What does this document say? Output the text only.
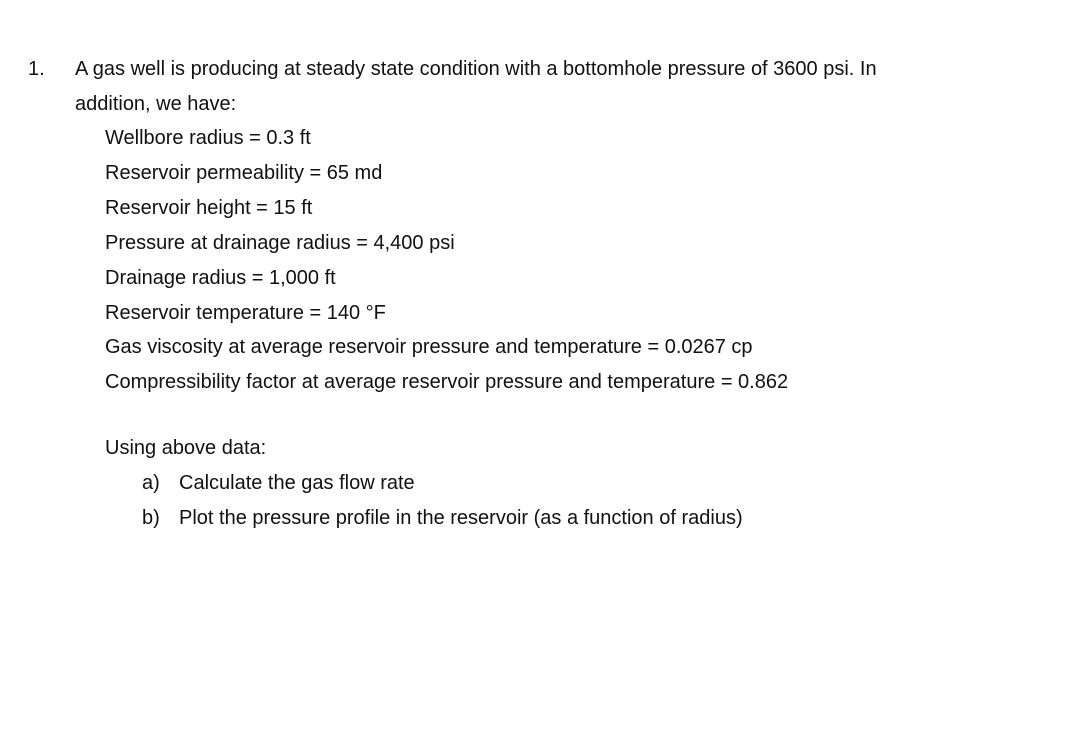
1. A gas well is producing at steady state condition with a bottomhole pressure of 3600 psi. In
addition, we have:
Wellbore radius = 0.3 ft
Reservoir permeability = 65 md
Reservoir height = 15 ft
Pressure at drainage radius = 4,400 psi
Drainage radius = 1,000 ft
Reservoir temperature = 140 °F
Gas viscosity at average reservoir pressure and temperature = 0.0267 cp
Compressibility factor at average reservoir pressure and temperature = 0.862
Using above data:
a) Calculate the gas flow rate
b) Plot the pressure profile in the reservoir (as a function of radius)
